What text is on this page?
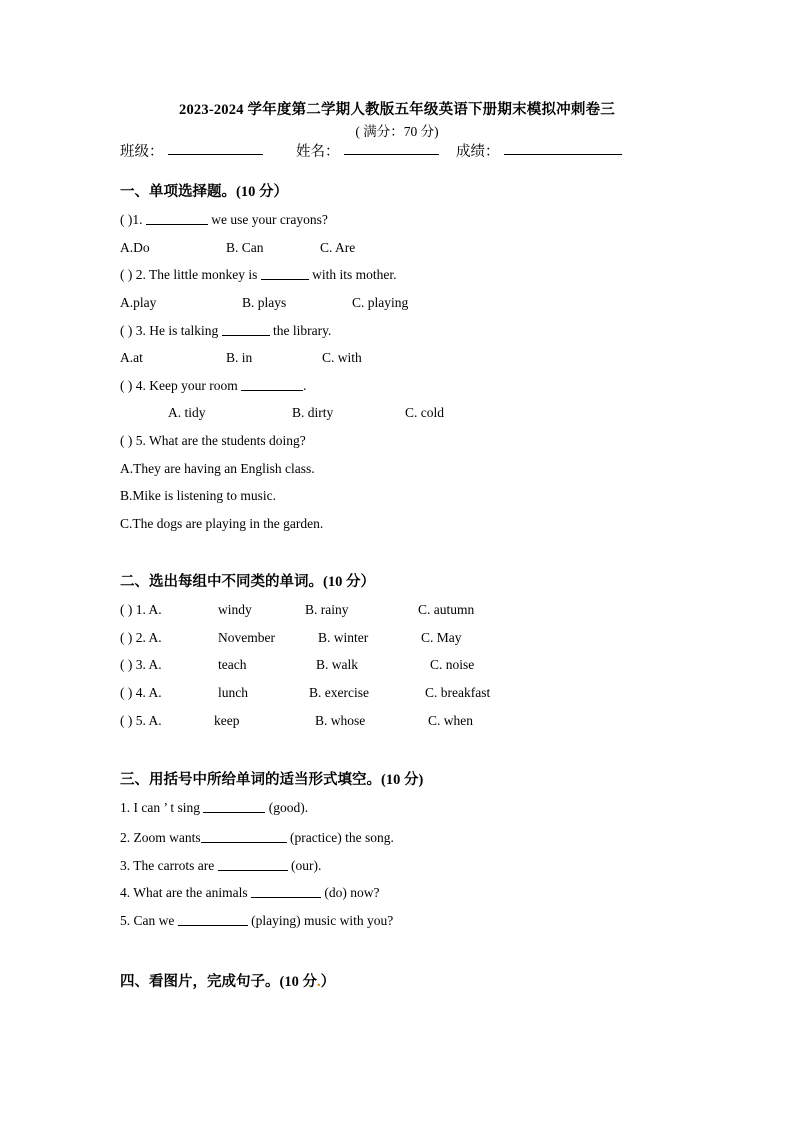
2023-2024 学年度第二学期人教版五年级英语下册期末模拟冲刺卷三
( 满分：70 分)
班级：	姓名：	成绩：
一、单项选择题。(10 分）
( )1.	we use your crayons?
A.Do	B. Can	C. Are
( ) 2. The little monkey is	with its mother.
A.play	B. plays	C. playing
( ) 3. He is talking	the library.
A.at	B. in	C. with
( ) 4. Keep your room	.
A. tidy	B. dirty	C. cold
( ) 5. What are the students doing?
A.They are having an English class.
B.Mike is listening to music.
C.The dogs are playing in the garden.
二、选出每组中不同类的单词。(10 分）
( ) 1. A.	windy	B. rainy	C. autumn
( ) 2. A.	November	B. winter	C. May
( ) 3. A.	teach	B. walk	C. noise
( ) 4. A.	lunch	B. exercise	C. breakfast
( ) 5. A.	keep	B. whose	C. when
三、用括号中所给单词的适当形式填空。(10 分)
1. I can ’ t sing	(good).
2. Zoom wants	(practice) the song.
3. The carrots are	(our).
4. What are the animals	(do) now?
5. Can we	(playing) music with you?
四、看图片，完成句子。(10 分.）
